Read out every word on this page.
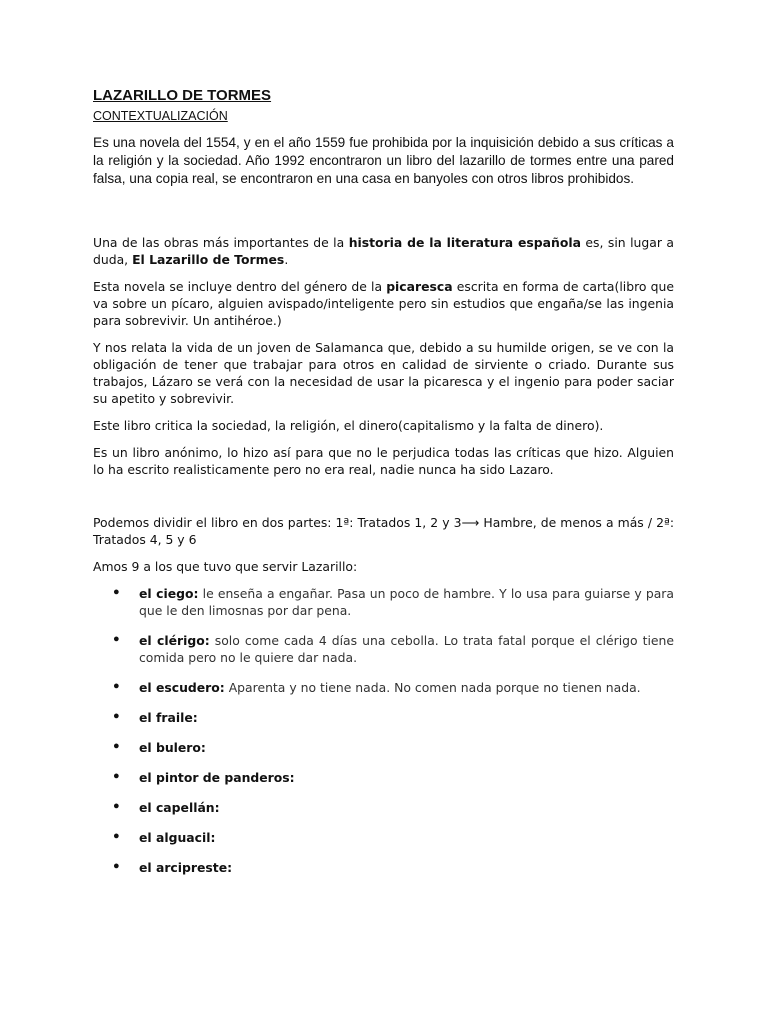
LAZARILLO DE TORMES
CONTEXTUALIZACIÓN

Es una novela del 1554, y en el año 1559 fue prohibida por la inquisición debido a sus críticas a la religión y la sociedad. Año 1992 encontraron un libro del lazarillo de tormes entre una pared falsa, una copia real, se encontraron en una casa en banyoles con otros libros prohibidos.

Una de las obras más importantes de la historia de la literatura española es, sin lugar a duda, El Lazarillo de Tormes.

Esta novela se incluye dentro del género de la picaresca escrita en forma de carta(libro que va sobre un pícaro, alguien avispado/inteligente pero sin estudios que engaña/se las ingenia para sobrevivir. Un antihéroe.)

Y nos relata la vida de un joven de Salamanca que, debido a su humilde origen, se ve con la obligación de tener que trabajar para otros en calidad de sirviente o criado. Durante sus trabajos, Lázaro se verá con la necesidad de usar la picaresca y el ingenio para poder saciar su apetito y sobrevivir.

Este libro critica la sociedad, la religión, el dinero(capitalismo y la falta de dinero).

Es un libro anónimo, lo hizo así para que no le perjudica todas las críticas que hizo. Alguien lo ha escrito realisticamente pero no era real, nadie nunca ha sido Lazaro.

Podemos dividir el libro en dos partes: 1ª: Tratados 1, 2 y 3⟶ Hambre, de menos a más / 2ª: Tratados 4, 5 y 6

Amos 9 a los que tuvo que servir Lazarillo:

● el ciego: le enseña a engañar. Pasa un poco de hambre. Y lo usa para guiarse y para que le den limosnas por dar pena.
● el clérigo: solo come cada 4 días una cebolla. Lo trata fatal porque el clérigo tiene comida pero no le quiere dar nada.
● el escudero: Aparenta y no tiene nada. No comen nada porque no tienen nada.
● el fraile:
● el bulero:
● el pintor de panderos:
● el capellán:
● el alguacil:
● el arcipreste:
